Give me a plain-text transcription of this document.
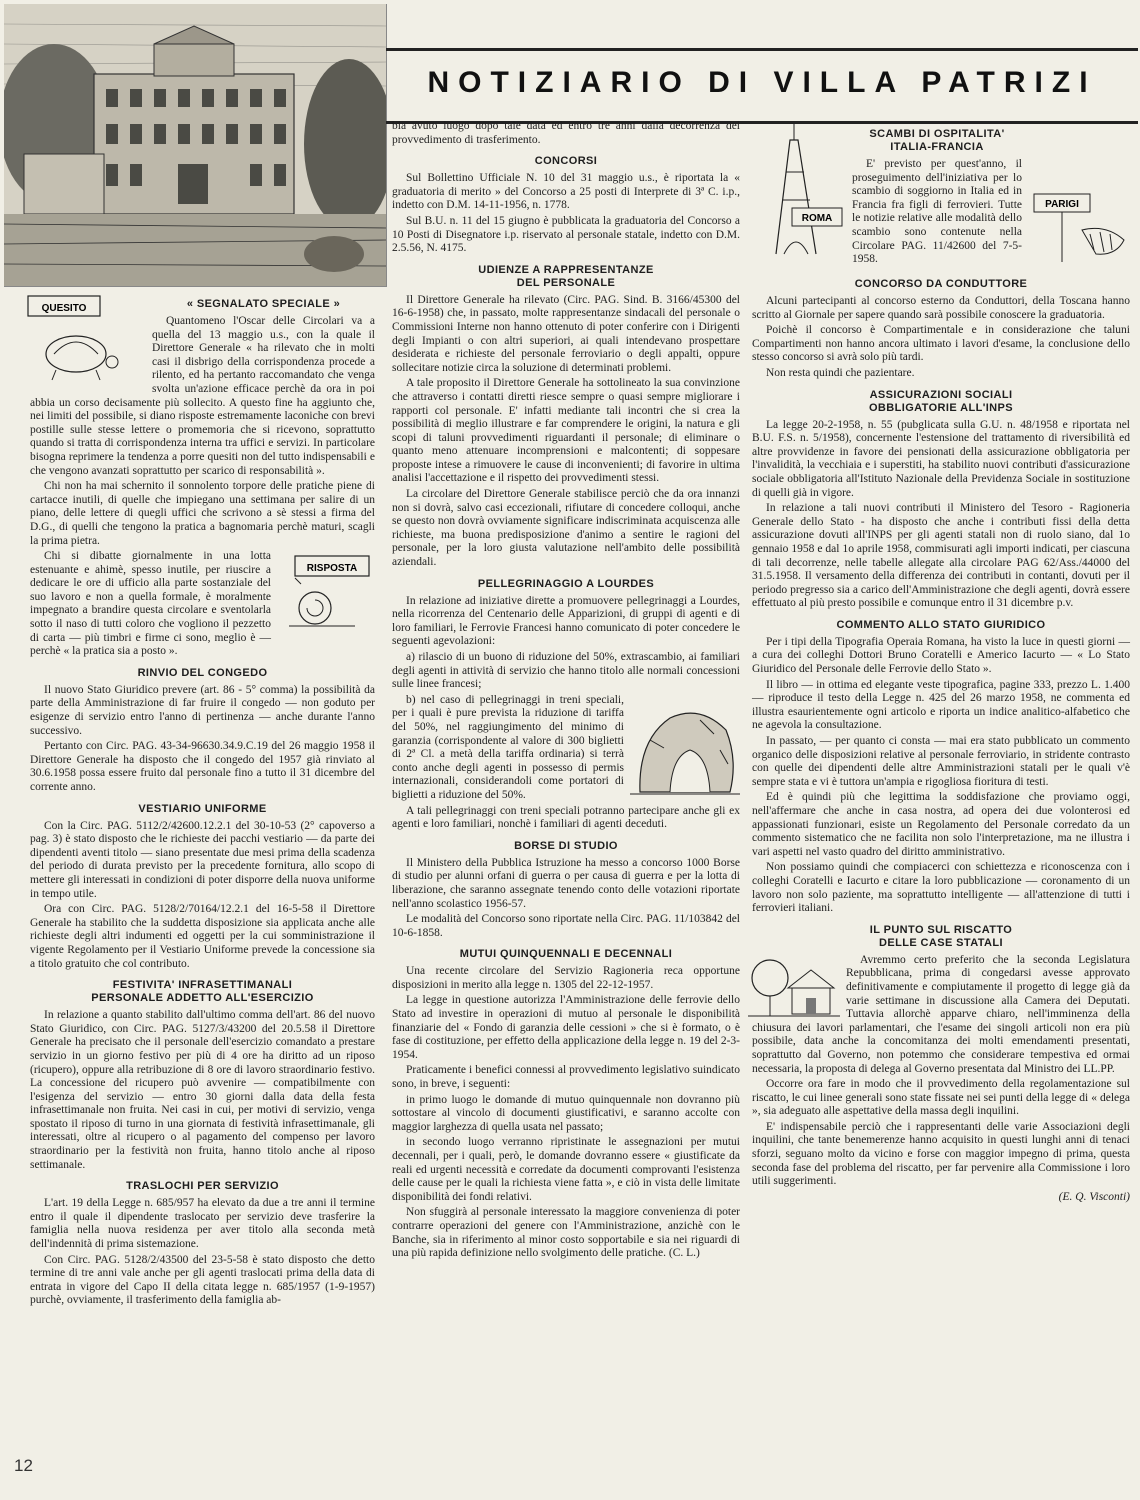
NOTIZIARIO DI VILLA PATRIZI
QUESITO	« SEGNALATO SPECIALE »

Quantomeno l'Oscar delle Circolari va a quella del 13 maggio u.s., con la quale il Direttore Generale « ha rilevato che in molti casi il disbrigo della corrispondenza procede a rilento, ed ha pertanto raccomandato che venga svolta un'azione efficace perchè da ora in poi abbia un corso decisamente più sollecito. A questo fine ha aggiunto che, nei limiti del possibile, si diano risposte estremamente laconiche con brevi postille sulle stesse lettere o promemoria che si ricevono, soprattutto quando si tratta di corrispondenza interna tra uffici e servizi. In particolare bisogna reprimere la tendenza a porre quesiti non del tutto indispensabili e che vengono avanzati soprattutto per scarico di responsabilità ».

Chi non ha mai schernito il sonnolento torpore delle pratiche piene di cartacce inutili, di quelle che impiegano una settimana per salire di un piano, delle lettere di quegli uffici che scrivono a sè stessi a firma del D.G., di quelli che tengono la pratica a bagnomaria perchè maturi, scagli la prima pietra.

RISPOSTA

Chi si dibatte giornalmente in una lotta estenuante e ahimè, spesso inutile, per riuscire a dedicare le ore di ufficio alla parte sostanziale del suo lavoro e non a quella formale, è moralmente impegnato a brandire questa circolare e sventolarla sotto il naso di tutti coloro che vogliono il pezzetto di carta — più timbri e firme ci sono, meglio è — perchè « la pratica sia a posto ».

RINVIO DEL CONGEDO

Il nuovo Stato Giuridico prevere (art. 86 - 5° comma) la possibilità da parte della Amministrazione di far fruire il congedo — non goduto per esigenze di servizio entro l'anno di pertinenza — anche durante l'anno successivo.

Pertanto con Circ. PAG. 43-34-96630.34.9.C.19 del 26 maggio 1958 il Direttore Generale ha disposto che il congedo del 1957 già rinviato al 30.6.1958 possa essere fruito dal personale fino a tutto il 31 dicembre del corrente anno.

VESTIARIO UNIFORME

Con la Circ. PAG. 5112/2/42600.12.2.1 del 30-10-53 (2° capoverso a pag. 3) è stato disposto che le richieste dei pacchi vestiario — da parte dei dipendenti aventi titolo — siano presentate due mesi prima della scadenza del periodo di durata previsto per la precedente fornitura, allo scopo di mettere gli interessati in condizioni di poter disporre della nuova uniforme in tempo utile.

Ora con Circ. PAG. 5128/2/70164/12.2.1 del 16-5-58 il Direttore Generale ha stabilito che la suddetta disposizione sia applicata anche alle richieste degli altri indumenti ed oggetti per la cui somministrazione il vigente Regolamento per il Vestiario Uniforme prevede la concessione sia a titolo gratuito che col contributo.

FESTIVITA' INFRASETTIMANALI
PERSONALE ADDETTO ALL'ESERCIZIO

In relazione a quanto stabilito dall'ultimo comma dell'art. 86 del nuovo Stato Giuridico, con Circ. PAG. 5127/3/43200 del 20.5.58 il Direttore Generale ha precisato che il personale dell'esercizio comandato a prestare servizio in un giorno festivo per più di 4 ore ha diritto ad un riposo (ricupero), oppure alla retribuzione di 8 ore di lavoro straordinario festivo. La concessione del ricupero può avvenire — compatibilmente con l'esigenza del servizio — entro 30 giorni dalla data della festa infrasettimanale non fruita. Nei casi in cui, per motivi di servizio, venga spostato il riposo di turno in una giornata di festività infrasettimanale, gli interessati, oltre al ricupero o al pagamento del compenso per lavoro straordinario per la festività non fruita, hanno titolo anche al riposo settimanale.

TRASLOCHI PER SERVIZIO

L'art. 19 della Legge n. 685/957 ha elevato da due a tre anni il termine entro il quale il dipendente traslocato per servizio deve trasferire la famiglia nella nuova residenza per aver titolo alla seconda metà dell'indennità di prima sistemazione.

Con Circ. PAG. 5128/2/43500 del 23-5-58 è stato disposto che detto termine di tre anni vale anche per gli agenti traslocati prima della data di entrata in vigore del Capo II della citata legge n. 685/1957 (1-9-1957) purchè, ovviamente, il trasferimento della famiglia ab-

bia avuto luogo dopo tale data ed entro tre anni dalla decorrenza del provvedimento di trasferimento.

CONCORSI

Sul Bollettino Ufficiale N. 10 del 31 maggio u.s., è riportata la « graduatoria di merito » del Concorso a 25 posti di Interprete di 3ª C. i.p., indetto con D.M. 14-11-1956, n. 1778.

Sul B.U. n. 11 del 15 giugno è pubblicata la graduatoria del Concorso a 10 Posti di Disegnatore i.p. riservato al personale statale, indetto con D.M. 2.5.56, N. 4175.

UDIENZE A RAPPRESENTANZE
DEL PERSONALE

Il Direttore Generale ha rilevato (Circ. PAG. Sind. B. 3166/45300 del 16-6-1958) che, in passato, molte rappresentanze sindacali del personale o Commissioni Interne non hanno ottenuto di poter conferire con i Dirigenti degli Impianti o con altri superiori, ai quali intendevano prospettare desiderata e richieste del personale ferroviario o degli appalti, oppure sollecitare notizie circa la soluzione di determinati problemi.

A tale proposito il Direttore Generale ha sottolineato la sua convinzione che attraverso i contatti diretti riesce sempre o quasi sempre migliorare i rapporti col personale. E' infatti mediante tali incontri che si crea la possibilità di meglio illustrare e far comprendere le origini, la natura e gli scopi di taluni provvedimenti riguardanti il personale; di eliminare o quanto meno attenuare incomprensioni e malcontenti; di soppesare proposte intese a rimuovere le cause di inconvenienti; di favorire in ultima analisi l'accettazione e il rispetto dei provvedimenti stessi.

La circolare del Direttore Generale stabilisce perciò che da ora innanzi non si dovrà, salvo casi eccezionali, rifiutare di concedere colloqui, anche se questo non dovrà ovviamente significare indiscriminata acquiscenza alle richieste, ma buona predisposizione d'animo a sentire le ragioni del personale, per la loro giusta valutazione nell'ambito delle possibilità aziendali.

PELLEGRINAGGIO A LOURDES

In relazione ad iniziative dirette a promuovere pellegrinaggi a Lourdes, nella ricorrenza del Centenario delle Apparizioni, di gruppi di agenti e di loro familiari, le Ferrovie Francesi hanno comunicato di poter concedere le seguenti agevolazioni:

a) rilascio di un buono di riduzione del 50%, extrascambio, ai familiari degli agenti in attività di servizio che hanno titolo alle normali concessioni sulle linee francesi;

b) nel caso di pellegrinaggi in treni speciali, per i quali è pure prevista la riduzione di tariffa del 50%, nel raggiungimento del minimo di garanzia (corrispondente al valore di 300 biglietti di 2ª Cl. a metà della tariffa ordinaria) si terrà conto anche degli agenti in possesso di permis internazionali, considerandoli come portatori di biglietti a riduzione del 50%.

A tali pellegrinaggi con treni speciali potranno partecipare anche gli ex agenti e loro familiari, nonchè i familiari di agenti deceduti.

BORSE DI STUDIO

Il Ministero della Pubblica Istruzione ha messo a concorso 1000 Borse di studio per alunni orfani di guerra o per causa di guerra e per la lotta di liberazione, che saranno assegnate tenendo conto delle votazioni riportate nell'anno scolastico 1956-57.

Le modalità del Concorso sono riportate nella Circ. PAG. 11/103842 del 10-6-1858.

MUTUI QUINQUENNALI E DECENNALI

Una recente circolare del Servizio Ragioneria reca opportune disposizioni in merito alla legge n. 1305 del 22-12-1957.

La legge in questione autorizza l'Amministrazione delle ferrovie dello Stato ad investire in operazioni di mutuo al personale le disponibilità finanziarie del « Fondo di garanzia delle cessioni » che si è formato, o è fase di costituzione, per effetto della applicazione della legge n. 19 del 2-3-1954.

Praticamente i benefici connessi al provvedimento legislativo suindicato sono, in breve, i seguenti:

in primo luogo le domande di mutuo quinquennale non dovranno più sottostare al vincolo di documenti giustificativi, e saranno accolte con maggior larghezza di quella usata nel passato;

in secondo luogo verranno ripristinate le assegnazioni per mutui decennali, per i quali, però, le domande dovranno essere « giustificate da reali ed urgenti necessità e corredate da documenti comprovanti l'esistenza delle cause per le quali la richiesta viene fatta », e ciò in vista delle limitate disponibilità dei fondi relativi.

Non sfuggirà al personale interessato la maggiore convenienza di poter contrarre operazioni del genere con l'Amministrazione, anzichè con le Banche, sia in riferimento al minor costo sopportabile e sia nei riguardi di una più rapida definizione nello svolgimento delle pratiche. (C. L.)

ROMA
PARIGI
SCAMBI DI OSPITALITA'
ITALIA-FRANCIA

E' previsto per quest'anno, il proseguimento dell'iniziativa per lo scambio di soggiorno in Italia ed in Francia fra figli di ferrovieri. Tutte le notizie relative alle modalità dello scambio sono contenute nella Circolare PAG. 11/42600 del 7-5-1958.

CONCORSO DA CONDUTTORE

Alcuni partecipanti al concorso esterno da Conduttori, della Toscana hanno scritto al Giornale per sapere quando sarà possibile conoscere la graduatoria.

Poichè il concorso è Compartimentale e in considerazione che taluni Compartimenti non hanno ancora ultimato i lavori d'esame, la conclusione dello stesso concorso si avrà solo più tardi.

Non resta quindi che pazientare.

ASSICURAZIONI SOCIALI
OBBLIGATORIE ALL'INPS

La legge 20-2-1958, n. 55 (pubglicata sulla G.U. n. 48/1958 e riportata nel B.U. F.S. n. 5/1958), concernente l'estensione del trattamento di riversibilità ed altre provvidenze in favore dei pensionati della assicurazione obbligatoria per l'invalidità, la vecchiaia e i superstiti, ha stabilito nuovi contributi d'assicurazione sociale obbligatoria all'Istituto Nazionale della Previdenza Sociale in sostituzione di quelli già in vigore.

In relazione a tali nuovi contributi il Ministero del Tesoro - Ragioneria Generale dello Stato - ha disposto che anche i contributi fissi della detta assicurazione dovuti all'INPS per gli agenti statali non di ruolo siano, dal 1o gennaio 1958 e dal 1o aprile 1958, commisurati agli importi indicati, per ciascuna di tali decorrenze, nelle tabelle allegate alla circolare PAG 62/Ass./44000 del 31.5.1958. Il versamento della differenza dei contributi in contanti, dovuti per il periodo pregresso sia a carico dell'Amministrazione che degli agenti, dovrà essere effettuato al più presto possibile e comunque entro il 31 dicembre p.v.

COMMENTO ALLO STATO GIURIDICO

Per i tipi della Tipografia Operaia Romana, ha visto la luce in questi giorni — a cura dei colleghi Dottori Bruno Coratelli e Americo Iacurto — « Lo Stato Giuridico del Personale delle Ferrovie dello Stato ».

Il libro — in ottima ed elegante veste tipografica, pagine 333, prezzo L. 1.400 — riproduce il testo della Legge n. 425 del 26 marzo 1958, ne commenta ed illustra esaurientemente ogni articolo e riporta un indice analitico-alfabetico che ne agevola la consultazione.

In passato, — per quanto ci consta — mai era stato pubblicato un commento organico delle disposizioni relative al personale ferroviario, in stridente contrasto con quelle dei dipendenti delle altre Amministrazioni statali per le quali v'è sempre stata e vi è tuttora un'ampia e rigogliosa fioritura di testi.

Ed è quindi più che legittima la soddisfazione che proviamo oggi, nell'affermare che anche in casa nostra, ad opera dei due volonterosi ed appassionati funzionari, esiste un Regolamento del Personale corredato da un commento sistematico che ne facilita non solo l'interpretazione, ma ne illustra i vari aspetti nel vasto quadro del diritto amministrativo.

Non possiamo quindi che compiacerci con schiettezza e riconoscenza con i colleghi Coratelli e Iacurto e citare la loro pubblicazione — coronamento di un lavoro non solo paziente, ma soprattutto intelligente — all'attenzione di tutti i ferrovieri italiani.

IL PUNTO SUL RISCATTO
DELLE CASE STATALI

Avremmo certo preferito che la seconda Legislatura Repubblicana, prima di congedarsi avesse approvato definitivamente e compiutamente il progetto di legge già da varie settimane in discussione alla Camera dei Deputati. Tuttavia allorchè apparve chiaro, nell'imminenza della chiusura dei lavori parlamentari, che l'esame dei singoli articoli non era più possibile, data anche la concomitanza dei molti emendamenti presentati, soprattutto dal Governo, non potemmo che considerare tempestiva ed ormai necessaria, la proposta di delega al Governo presentata dal Ministro dei LL.PP.

Occorre ora fare in modo che il provvedimento della regolamentazione sul riscatto, le cui linee generali sono state fissate nei sei punti della legge di « delega », sia adeguato alle aspettative della massa degli inquilini.

E' indispensabile perciò che i rappresentanti delle varie Associazioni degli inquilini, che tante benemerenze hanno acquisito in questi lunghi anni di tenaci sforzi, seguano molto da vicino e forse con maggior impegno di prima, questa seconda fase del problema del riscatto, per far pervenire alla Commissione i loro utili suggerimenti.

(E. Q. Visconti)

12
